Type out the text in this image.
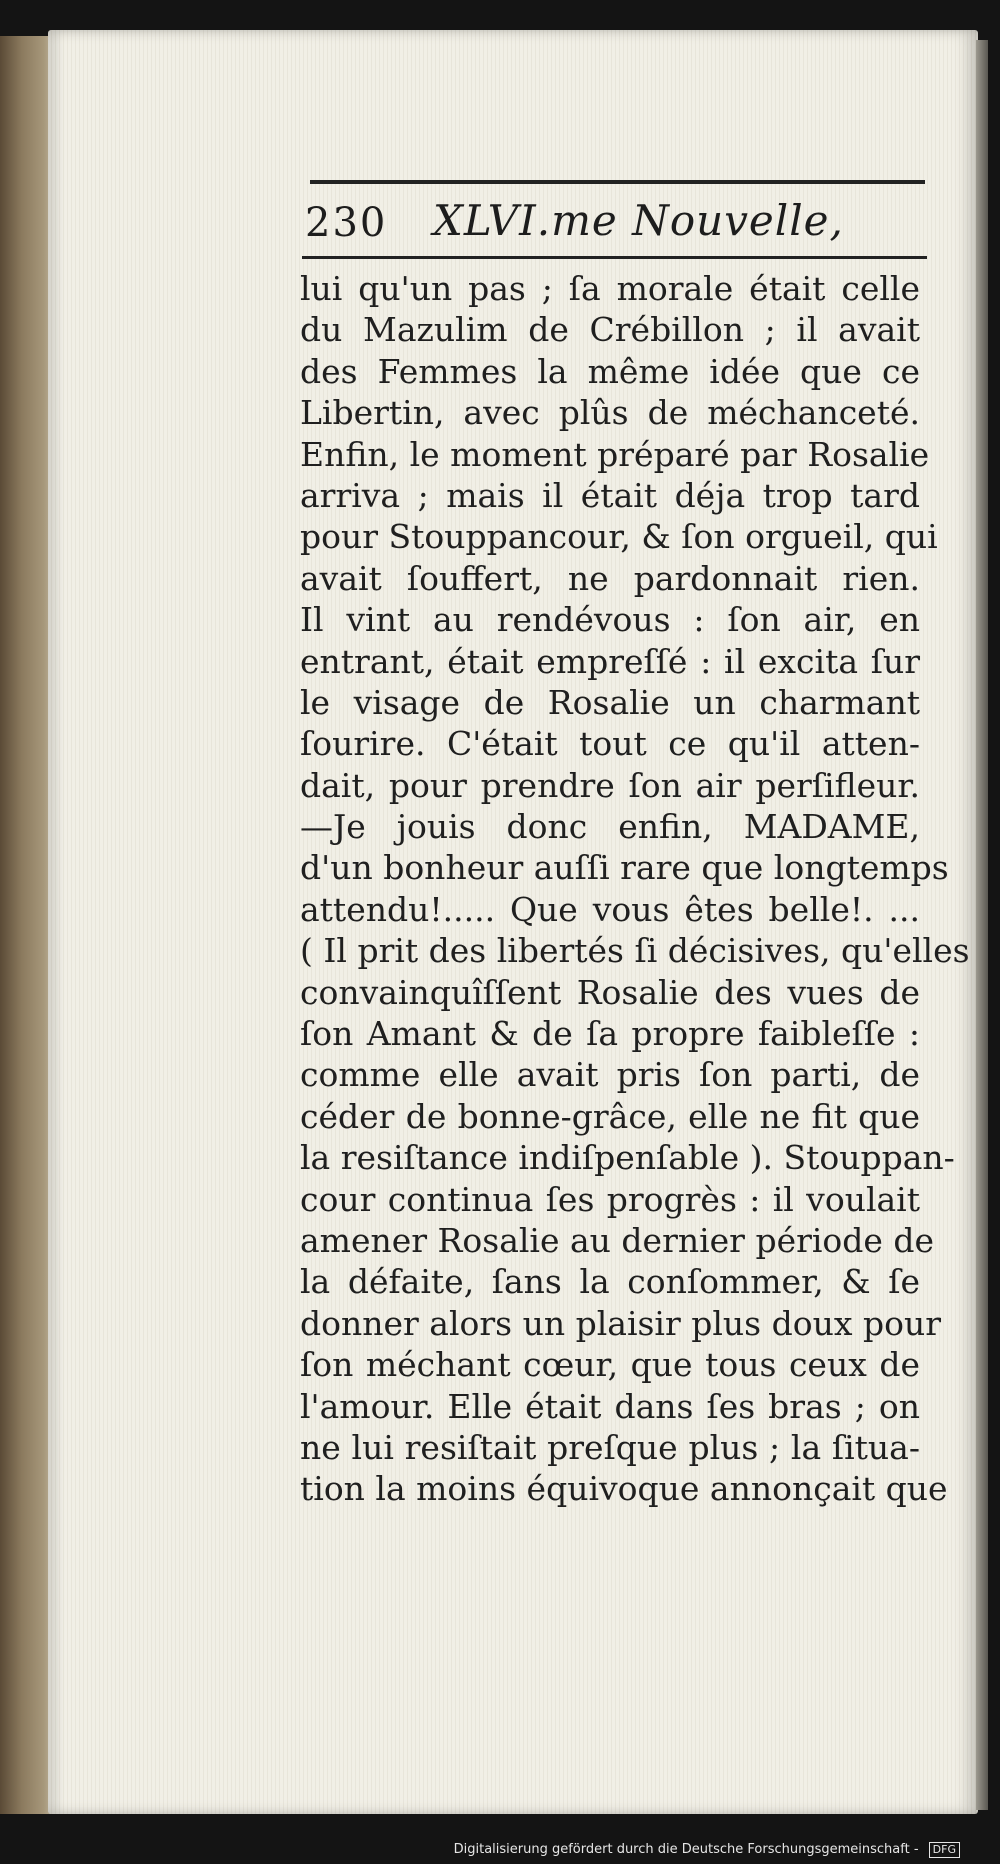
230 XLVI.me Nouvelle,
lui qu'un pas ; ſa morale était celle
du Mazulim de Crébillon ; il avait
des Femmes la même idée que ce
Libertin, avec plûs de méchanceté.
Enfin, le moment préparé par Rosalie
arriva ; mais il était déja trop tard
pour Stouppancour, & ſon orgueil, qui
avait ſouffert, ne pardonnait rien.
Il vint au rendévous : ſon air, en
entrant, était empreſſé : il excita ſur
le visage de Rosalie un charmant
ſourire. C'était tout ce qu'il atten-
dait, pour prendre ſon air perſifleur.
—Je jouis donc enfin, MADAME,
d'un bonheur auſſi rare que longtemps
attendu!..... Que vous êtes belle!. ...
( Il prit des libertés ſi décisives, qu'elles
convainquîſſent Rosalie des vues de
ſon Amant & de ſa propre faibleſſe :
comme elle avait pris ſon parti, de
céder de bonne-grâce, elle ne fit que
la resiſtance indiſpenſable ). Stouppan-
cour continua ſes progrès : il voulait
amener Rosalie au dernier période de
la défaite, ſans la conſommer, & ſe
donner alors un plaisir plus doux pour
ſon méchant cœur, que tous ceux de
l'amour. Elle était dans ſes bras ; on
ne lui resiſtait preſque plus ; la ſitua-
tion la moins équivoque annonçait que
Digitalisierung gefördert durch die Deutsche Forschungsgemeinschaft - DFG
